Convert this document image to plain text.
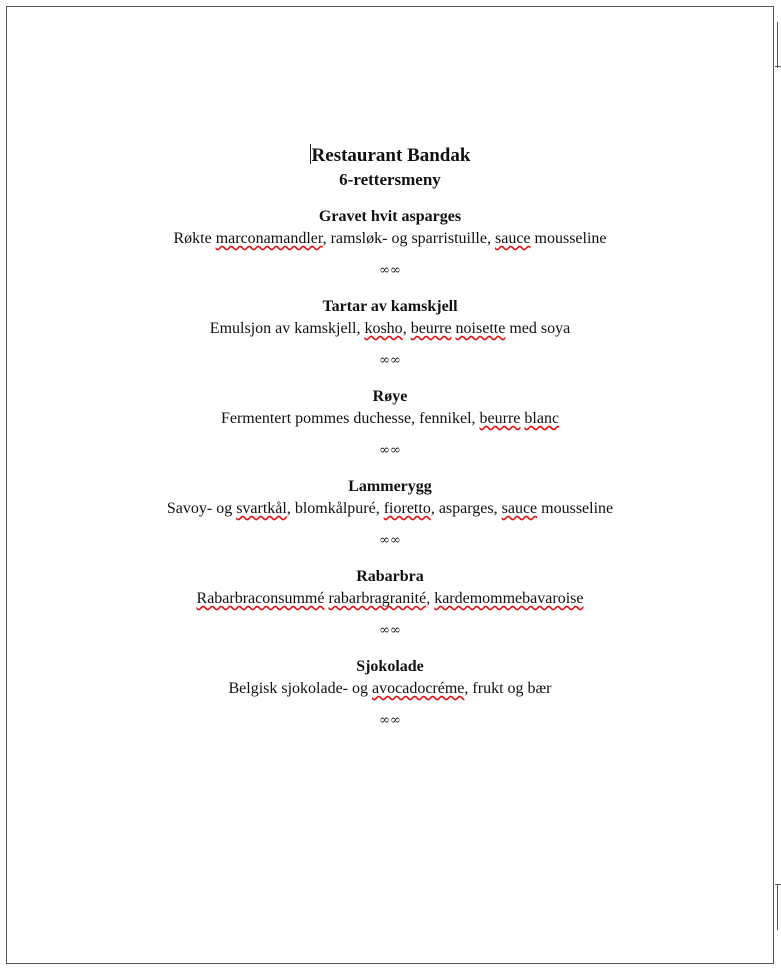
Restaurant Bandak
6-rettersmeny
Gravet hvit asparges
Røkte marconamandler, ramsløk- og sparristuille, sauce mousseline
∞∞
Tartar av kamskjell
Emulsjon av kamskjell, kosho, beurre noisette med soya
∞∞
Røye
Fermentert pommes duchesse, fennikel, beurre blanc
∞∞
Lammerygg
Savoy- og svartkål, blomkålpuré, fioretto, asparges, sauce mousseline
∞∞
Rabarbra
Rabarbraconsummé rabarbragranité, kardemommebavaroise
∞∞
Sjokolade
Belgisk sjokolade- og avocadocréme, frukt og bær
∞∞
